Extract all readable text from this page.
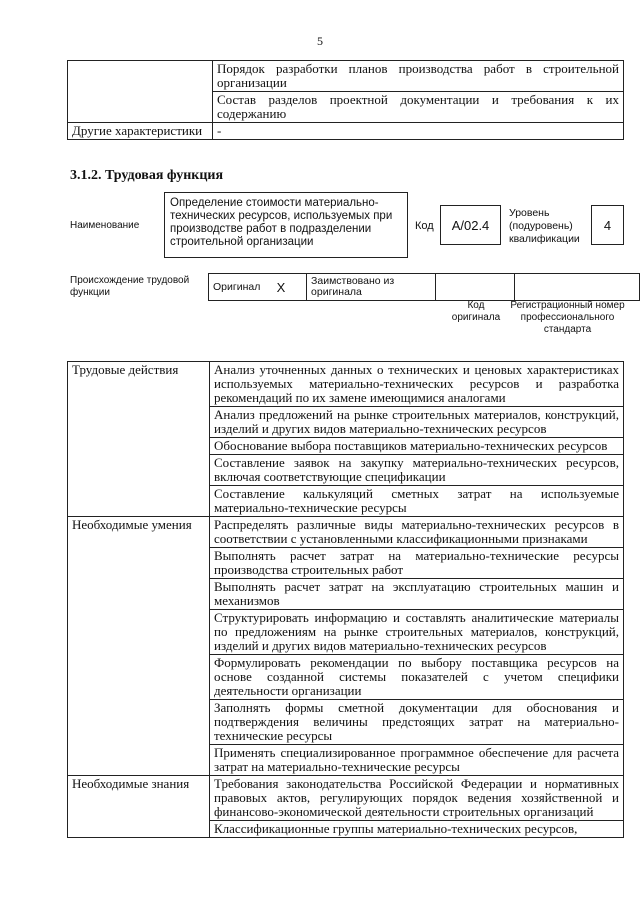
5
	Порядок разработки планов производства работ в строительной организации
	Состав разделов проектной документации и требования к их содержанию
Другие характеристики	-
3.1.2. Трудовая функция
Наименование
Определение стоимости материально-технических ресурсов, используемых при производстве работ в подразделении строительной организации
Код	А/02.4
Уровень (подуровень) квалификации
4
Происхождение трудовой функции	Оригинал	X	Заимствовано из оригинала		
Код оригинала
Регистрационный номер профессионального стандарта
Трудовые действия	Анализ уточненных данных о технических и ценовых характеристиках используемых материально-технических ресурсов и разработка рекомендаций по их замене имеющимися аналогами
	Анализ предложений на рынке строительных материалов, конструкций, изделий и других видов материально-технических ресурсов
	Обоснование выбора поставщиков материально-технических ресурсов
	Составление заявок на закупку материально-технических ресурсов, включая соответствующие спецификации
	Составление калькуляций сметных затрат на используемые материально-технические ресурсы
Необходимые умения	Распределять различные виды материально-технических ресурсов в соответствии с установленными классификационными признаками
	Выполнять расчет затрат на материально-технические ресурсы производства строительных работ
	Выполнять расчет затрат на эксплуатацию строительных машин и механизмов
	Структурировать информацию и составлять аналитические материалы по предложениям на рынке строительных материалов, конструкций, изделий и других видов материально-технических ресурсов
	Формулировать рекомендации по выбору поставщика ресурсов на основе созданной системы показателей с учетом специфики деятельности организации
	Заполнять формы сметной документации для обоснования и подтверждения величины предстоящих затрат на материально-технические ресурсы
	Применять специализированное программное обеспечение для расчета затрат на материально-технические ресурсы
Необходимые знания	Требования законодательства Российской Федерации и нормативных правовых актов, регулирующих порядок ведения хозяйственной и финансово-экономической деятельности строительных организаций
	Классификационные группы материально-технических ресурсов,
